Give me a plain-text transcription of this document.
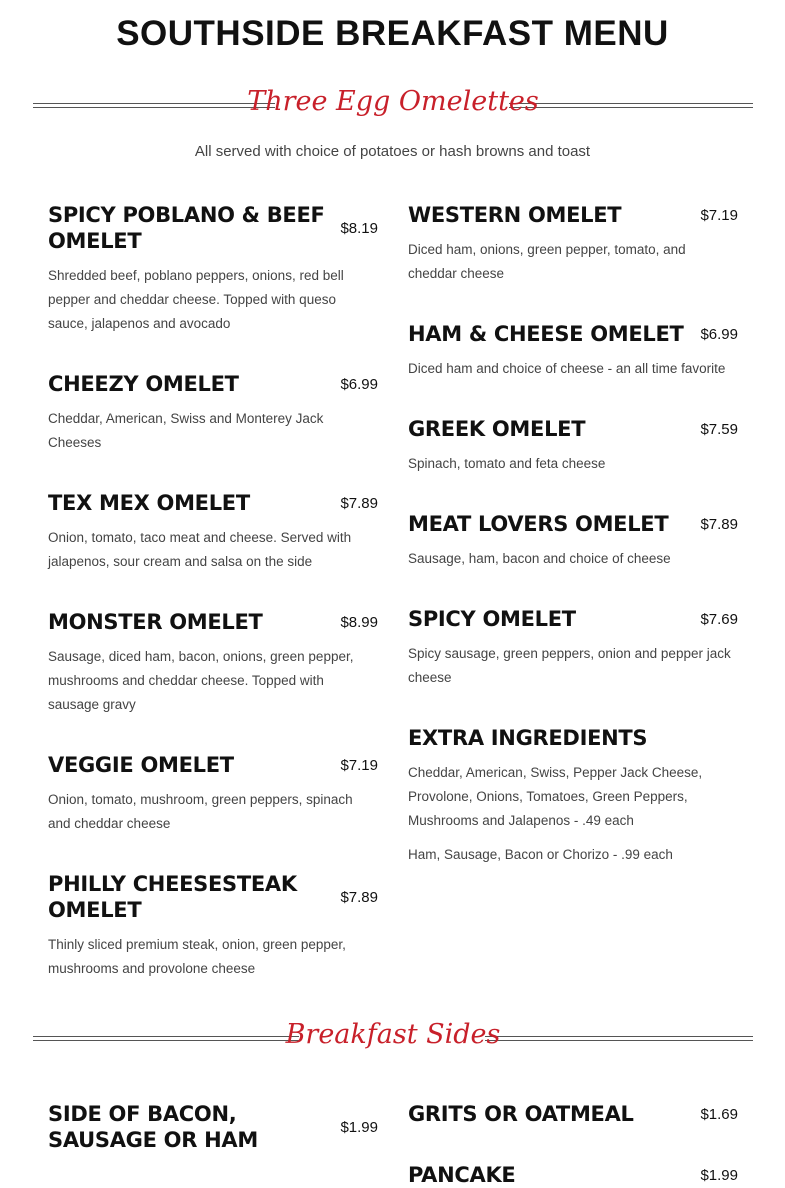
SOUTHSIDE BREAKFAST MENU
Three Egg Omelettes
All served with choice of potatoes or hash browns and toast
$8.19
SPICY POBLANO & BEEF OMELET
Shredded beef, poblano peppers, onions, red bell pepper and cheddar cheese. Topped with queso sauce, jalapenos and avocado
$6.99
CHEEZY OMELET
Cheddar, American, Swiss and Monterey Jack Cheeses
$7.89
TEX MEX OMELET
Onion, tomato, taco meat and cheese. Served with jalapenos, sour cream and salsa on the side
$8.99
MONSTER OMELET
Sausage, diced ham, bacon, onions, green pepper, mushrooms and cheddar cheese. Topped with sausage gravy
$7.19
VEGGIE OMELET
Onion, tomato, mushroom, green peppers, spinach and cheddar cheese
$7.89
PHILLY CHEESESTEAK OMELET
Thinly sliced premium steak, onion, green pepper, mushrooms and provolone cheese
$7.19
WESTERN OMELET
Diced ham, onions, green pepper, tomato, and cheddar cheese
$6.99
HAM & CHEESE OMELET
Diced ham and choice of cheese - an all time favorite
$7.59
GREEK OMELET
Spinach, tomato and feta cheese
$7.89
MEAT LOVERS OMELET
Sausage, ham, bacon and choice of cheese
$7.69
SPICY OMELET
Spicy sausage, green peppers, onion and pepper jack cheese
EXTRA INGREDIENTS
Cheddar, American, Swiss, Pepper Jack Cheese, Provolone, Onions, Tomatoes, Green Peppers, Mushrooms and Jalapenos - .49 each
Ham, Sausage, Bacon or Chorizo - .99 each
Breakfast Sides
$1.99
SIDE OF BACON, SAUSAGE OR HAM
$1.69
GRITS OR OATMEAL
$1.99
PANCAKE
